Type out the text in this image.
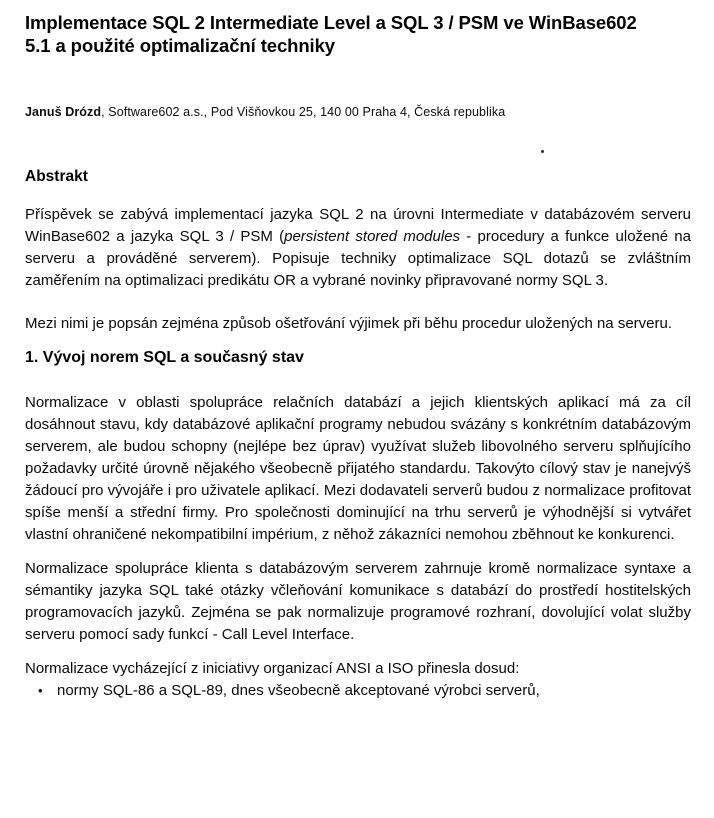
Implementace SQL 2 Intermediate Level a SQL 3 / PSM ve WinBase602
5.1 a použité optimalizační techniky

Januš Drózd, Software602 a.s., Pod Višňovkou 25, 140 00 Praha 4, Česká republika

Abstrakt

Příspěvek se zabývá implementací jazyka SQL 2 na úrovni Intermediate v databázovém serveru WinBase602 a jazyka SQL 3 / PSM (persistent stored modules - procedury a funkce uložené na serveru a prováděné serverem). Popisuje techniky optimalizace SQL dotazů se zvláštním zaměřením na optimalizaci predikátu OR a vybrané novinky připravované normy SQL 3.

Mezi nimi je popsán zejména způsob ošetřování výjimek při běhu procedur uložených na serveru.

1. Vývoj norem SQL a současný stav

Normalizace v oblasti spolupráce relačních databází a jejich klientských aplikací má za cíl dosáhnout stavu, kdy databázové aplikační programy nebudou svázány s konkrétním databázovým serverem, ale budou schopny (nejlépe bez úprav) využívat služeb libovolného serveru splňujícího požadavky určité úrovně nějakého všeobecně přijatého standardu. Takovýto cílový stav je nanejvýš žádoucí pro vývojáře i pro uživatele aplikací. Mezi dodavateli serverů budou z normalizace profitovat spíše menší a střední firmy. Pro společnosti dominující na trhu serverů je výhodnější si vytvářet vlastní ohraničené nekompatibilní impérium, z něhož zákazníci nemohou zběhnout ke konkurenci.

Normalizace spolupráce klienta s databázovým serverem zahrnuje kromě normalizace syntaxe a sémantiky jazyka SQL také otázky včleňování komunikace s databází do prostředí hostitelských programovacích jazyků. Zejména se pak normalizuje programové rozhraní, dovolující volat služby serveru pomocí sady funkcí - Call Level Interface.

Normalizace vycházející z iniciativy organizací ANSI a ISO přinesla dosud:

• normy SQL-86 a SQL-89, dnes všeobecně akceptované výrobci serverů,
